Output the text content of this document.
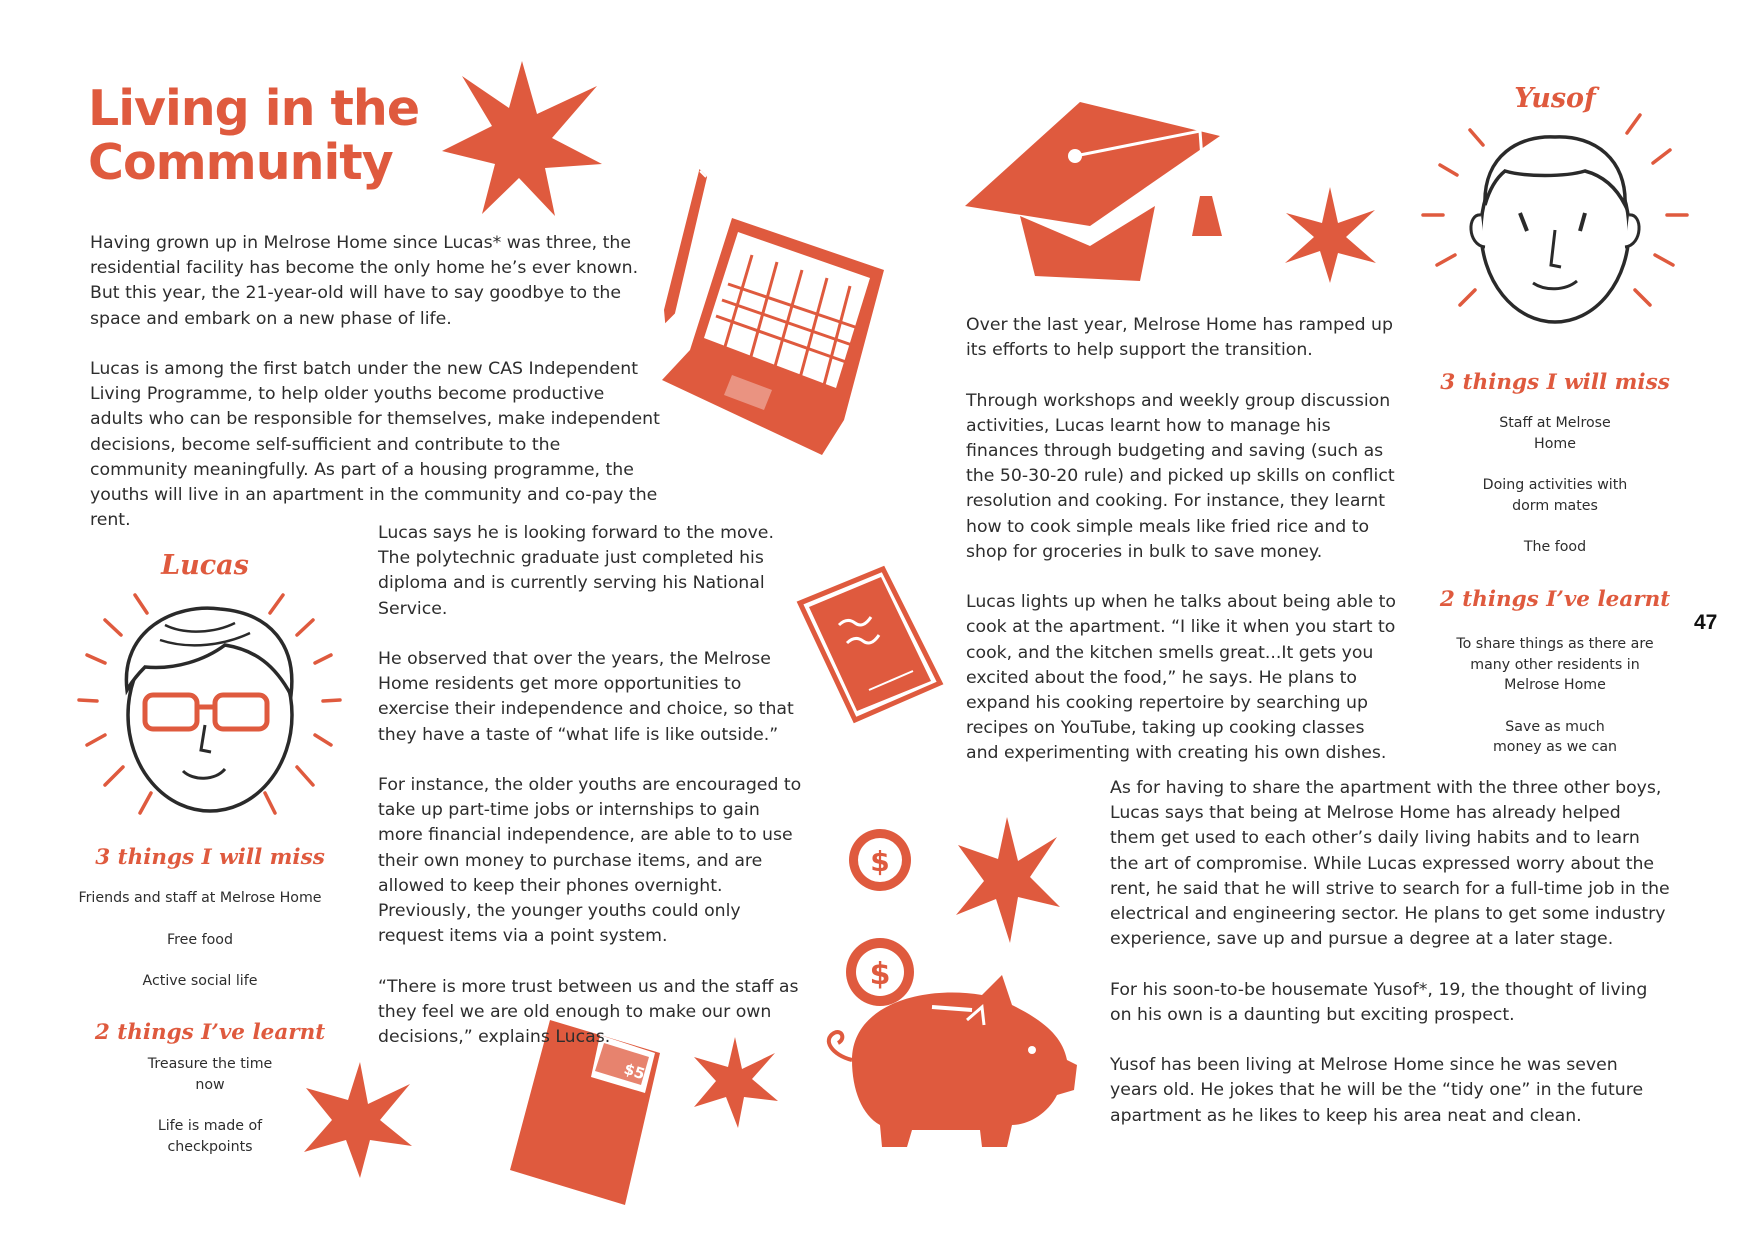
$
$
$5
Living in the Community

Having grown up in Melrose Home since Lucas* was three, the residential facility has become the only home he’s ever known. But this year, the 21-year-old will have to say goodbye to the space and embark on a new phase of life.

Lucas is among the first batch under the new CAS Independent Living Programme, to help older youths become productive adults who can be responsible for themselves, make independent decisions, become self-sufficient and contribute to the community meaningfully. As part of a housing programme, the youths will live in an apartment in the community and co-pay the rent.

Lucas says he is looking forward to the move. The polytechnic graduate just completed his diploma and is currently serving his National Service.

He observed that over the years, the Melrose Home residents get more opportunities to exercise their independence and choice, so that they have a taste of “what life is like outside.”

For instance, the older youths are encouraged to take up part-time jobs or internships to gain more financial independence, are able to to use their own money to purchase items, and are allowed to keep their phones overnight. Previously, the younger youths could only request items via a point system.

“There is more trust between us and the staff as they feel we are old enough to make our own decisions,” explains Lucas.

Over the last year, Melrose Home has ramped up its efforts to help support the transition.

Through workshops and weekly group discussion activities, Lucas learnt how to manage his finances through budgeting and saving (such as the 50-30-20 rule) and picked up skills on conflict resolution and cooking. For instance, they learnt how to cook simple meals like fried rice and to shop for groceries in bulk to save money.

Lucas lights up when he talks about being able to cook at the apartment. “I like it when you start to cook, and the kitchen smells great...It gets you excited about the food,” he says. He plans to expand his cooking repertoire by searching up recipes on YouTube, taking up cooking classes and experimenting with creating his own dishes.

As for having to share the apartment with the three other boys, Lucas says that being at Melrose Home has already helped them get used to each other’s daily living habits and to learn the art of compromise. While Lucas expressed worry about the rent, he said that he will strive to search for a full-time job in the electrical and engineering sector. He plans to get some industry experience, save up and pursue a degree at a later stage.

For his soon-to-be housemate Yusof*, 19, the thought of living on his own is a daunting but exciting prospect.

Yusof has been living at Melrose Home since he was seven years old. He jokes that he will be the “tidy one” in the future apartment as he likes to keep his area neat and clean.

Lucas
3 things I will miss
Friends and staff at Melrose Home
Free food
Active social life
2 things I’ve learnt
Treasure the time now
Life is made of checkpoints
Yusof
3 things I will miss
Staff at Melrose Home
Doing activities with dorm mates
The food
2 things I’ve learnt
To share things as there are many other residents in Melrose Home
Save as much money as we can
47
